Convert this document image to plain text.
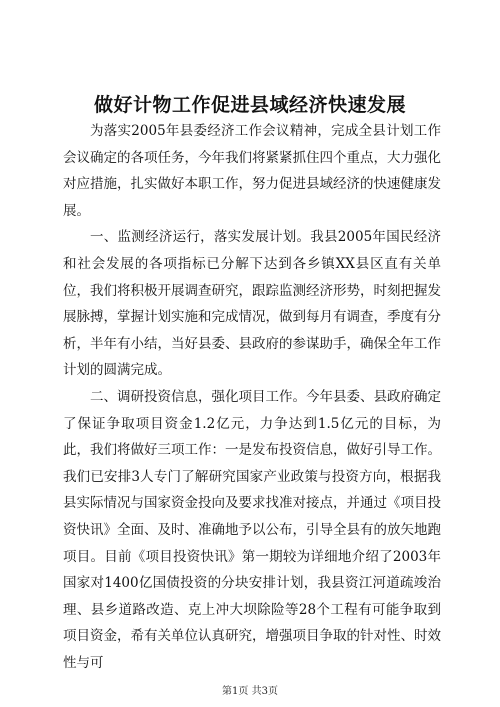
做好计物工作促进县域经济快速发展

为落实2005年县委经济工作会议精神，完成全县计划工作会议确定的各项任务，今年我们将紧紧抓住四个重点，大力强化对应措施，扎实做好本职工作，努力促进县域经济的快速健康发展。

一、监测经济运行，落实发展计划。我县2005年国民经济和社会发展的各项指标已分解下达到各乡镇XX县区直有关单位，我们将积极开展调查研究，跟踪监测经济形势，时刻把握发展脉搏，掌握计划实施和完成情况，做到每月有调查，季度有分析，半年有小结，当好县委、县政府的参谋助手，确保全年工作计划的圆满完成。

二、调研投资信息，强化项目工作。今年县委、县政府确定了保证争取项目资金1.2亿元，力争达到1.5亿元的目标，为此，我们将做好三项工作：一是发布投资信息，做好引导工作。我们已安排3人专门了解研究国家产业政策与投资方向，根据我县实际情况与国家资金投向及要求找准对接点，并通过《项目投资快讯》全面、及时、准确地予以公布，引导全县有的放矢地跑项目。目前《项目投资快讯》第一期较为详细地介绍了2003年国家对1400亿国债投资的分块安排计划，我县资江河道疏竣治理、县乡道路改造、克上冲大坝除险等28个工程有可能争取到项目资金，希有关单位认真研究，增强项目争取的针对性、时效性与可

第1页 共3页
